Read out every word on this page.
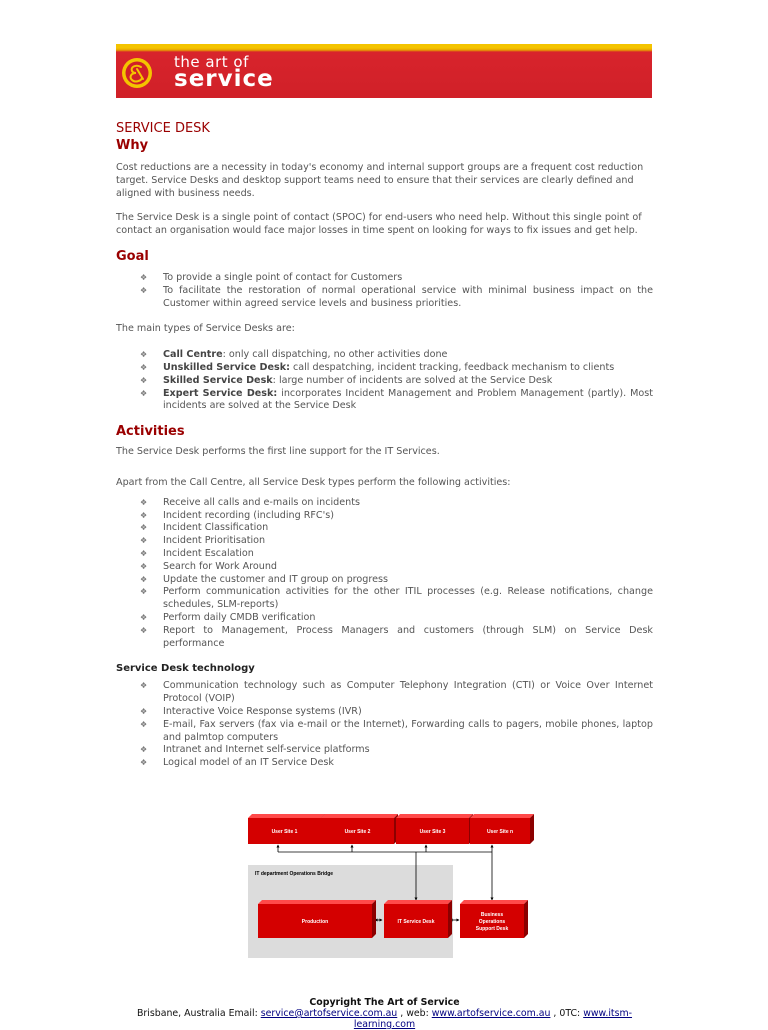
the art of
service
SERVICE DESK
Why

Cost reductions are a necessity in today's economy and internal support groups are a frequent cost reduction target. Service Desks and desktop support teams need to ensure that their services are clearly defined and aligned with business needs.

The Service Desk is a single point of contact (SPOC) for end-users who need help. Without this single point of contact an organisation would face major losses in time spent on looking for ways to fix issues and get help.

Goal
❖ To provide a single point of contact for Customers
❖ To facilitate the restoration of normal operational service with minimal business impact on the Customer within agreed service levels and business priorities.

The main types of Service Desks are:

❖ Call Centre: only call dispatching, no other activities done
❖ Unskilled Service Desk: call despatching, incident tracking, feedback mechanism to clients
❖ Skilled Service Desk: large number of incidents are solved at the Service Desk
❖ Expert Service Desk: incorporates Incident Management and Problem Management (partly). Most incidents are solved at the Service Desk
Activities

The Service Desk performs the first line support for the IT Services.

Apart from the Call Centre, all Service Desk types perform the following activities:

❖ Receive all calls and e-mails on incidents
❖ Incident recording (including RFC's)
❖ Incident Classification
❖ Incident Prioritisation
❖ Incident Escalation
❖ Search for Work Around
❖ Update the customer and IT group on progress
❖ Perform communication activities for the other ITIL processes (e.g. Release notifications, change schedules, SLM-reports)
❖ Perform daily CMDB verification
❖ Report to Management, Process Managers and customers (through SLM) on Service Desk performance
Service Desk technology
❖ Communication technology such as Computer Telephony Integration (CTI) or Voice Over Internet Protocol (VOIP)
❖ Interactive Voice Response systems (IVR)
❖ E-mail, Fax servers (fax via e-mail or the Internet), Forwarding calls to pagers, mobile phones, laptop and palmtop computers
❖ Intranet and Internet self-service platforms
❖ Logical model of an IT Service Desk
IT department Operations Bridge
User Site 1	User Site 2	User Site 3	User Site n
Production	IT Service Desk
Business
Operations
Support Desk
Copyright The Art of Service
Brisbane, Australia Email: service@artofservice.com.au , web: www.artofservice.com.au , 0TC: www.itsm-learning.com
